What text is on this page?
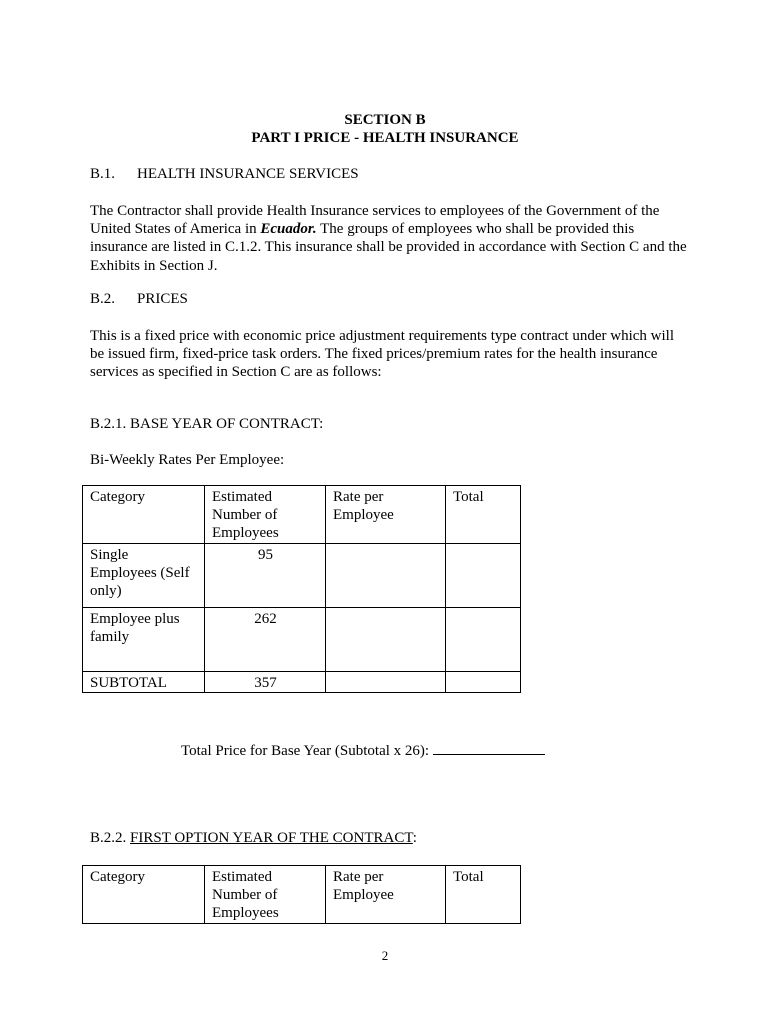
SECTION B
PART I PRICE - HEALTH INSURANCE
B.1. HEALTH INSURANCE SERVICES
The Contractor shall provide Health Insurance services to employees of the Government of the United States of America in Ecuador. The groups of employees who shall be provided this insurance are listed in C.1.2. This insurance shall be provided in accordance with Section C and the Exhibits in Section J.
B.2. PRICES
This is a fixed price with economic price adjustment requirements type contract under which will be issued firm, fixed-price task orders. The fixed prices/premium rates for the health insurance services as specified in Section C are as follows:
B.2.1. BASE YEAR OF CONTRACT:
Bi-Weekly Rates Per Employee:
Category	Estimated Number of Employees	Rate per Employee	Total
Single Employees (Self only)	95		
Employee plus family	262		
SUBTOTAL	357		
Total Price for Base Year (Subtotal x 26):
B.2.2. FIRST OPTION YEAR OF THE CONTRACT:
Category	Estimated Number of Employees	Rate per Employee	Total
2
